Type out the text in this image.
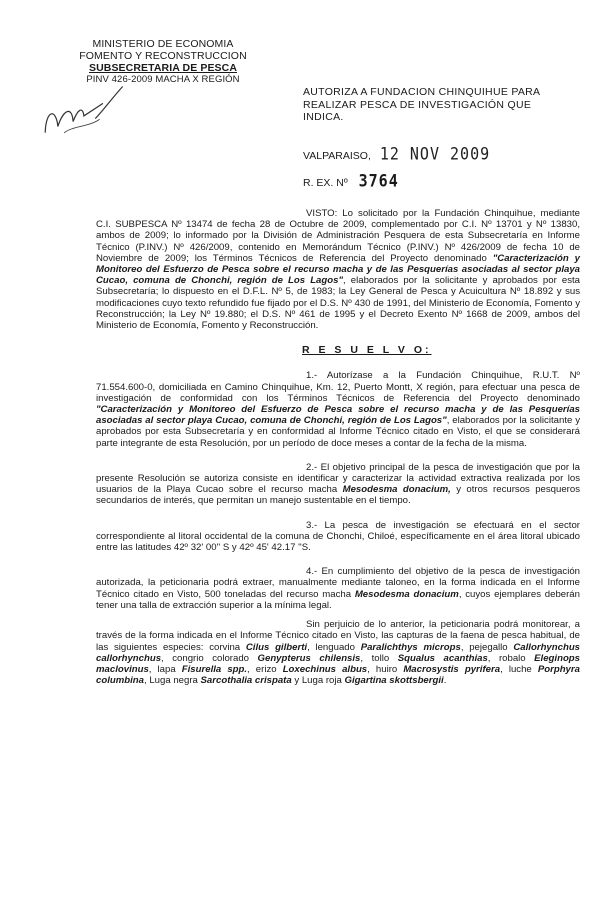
MINISTERIO DE ECONOMIA
FOMENTO Y RECONSTRUCCION
SUBSECRETARIA DE PESCA
PINV 426-2009 MACHA X REGIÓN
AUTORIZA A FUNDACION CHINQUIHUE PARA REALIZAR PESCA DE INVESTIGACIÓN QUE INDICA.
VALPARAISO, 12 NOV 2009
R. EX. Nº 3764

VISTO: Lo solicitado por la Fundación Chinquihue, mediante C.I. SUBPESCA Nº 13474 de fecha 28 de Octubre de 2009, complementado por C.I. Nº 13701 y Nº 13830, ambos de 2009; lo informado por la División de Administración Pesquera de esta Subsecretaría en Informe Técnico (P.INV.) Nº 426/2009, contenido en Memorándum Técnico (P.INV.) Nº 426/2009 de fecha 10 de Noviembre de 2009; los Términos Técnicos de Referencia del Proyecto denominado "Caracterización y Monitoreo del Esfuerzo de Pesca sobre el recurso macha y de las Pesquerías asociadas al sector playa Cucao, comuna de Chonchi, región de Los Lagos", elaborados por la solicitante y aprobados por esta Subsecretaría; lo dispuesto en el D.F.L. Nº 5, de 1983; la Ley General de Pesca y Acuicultura Nº 18.892 y sus modificaciones cuyo texto refundido fue fijado por el D.S. Nº 430 de 1991, del Ministerio de Economía, Fomento y Reconstrucción; la Ley Nº 19.880; el D.S. Nº 461 de 1995 y el Decreto Exento Nº 1668 de 2009, ambos del Ministerio de Economía, Fomento y Reconstrucción.

R E S U E L V O:

1.- Autorízase a la Fundación Chinquihue, R.U.T. Nº 71.554.600-0, domiciliada en Camino Chinquihue, Km. 12, Puerto Montt, X región, para efectuar una pesca de investigación de conformidad con los Términos Técnicos de Referencia del Proyecto denominado "Caracterización y Monitoreo del Esfuerzo de Pesca sobre el recurso macha y de las Pesquerías asociadas al sector playa Cucao, comuna de Chonchi, región de Los Lagos", elaborados por la solicitante y aprobados por esta Subsecretaría y en conformidad al Informe Técnico citado en Visto, el que se considerará parte integrante de esta Resolución, por un período de doce meses a contar de la fecha de la misma.

2.- El objetivo principal de la pesca de investigación que por la presente Resolución se autoriza consiste en identificar y caracterizar la actividad extractiva realizada por los usuarios de la Playa Cucao sobre el recurso macha Mesodesma donacium, y otros recursos pesqueros secundarios de interés, que permitan un manejo sustentable en el tiempo.

3.- La pesca de investigación se efectuará en el sector correspondiente al litoral occidental de la comuna de Chonchi, Chiloé, específicamente en el área litoral ubicado entre las latitudes 42º 32' 00'' S y 42º 45' 42.17 ''S.

4.- En cumplimiento del objetivo de la pesca de investigación autorizada, la peticionaria podrá extraer, manualmente mediante taloneo, en la forma indicada en el Informe Técnico citado en Visto, 500 toneladas del recurso macha Mesodesma donacium, cuyos ejemplares deberán tener una talla de extracción superior a la mínima legal.

Sin perjuicio de lo anterior, la peticionaria podrá monitorear, a través de la forma indicada en el Informe Técnico citado en Visto, las capturas de la faena de pesca habitual, de las siguientes especies: corvina Cilus gilberti, lenguado Paralichthys microps, pejegallo Callorhynchus callorhynchus, congrio colorado Genypterus chilensis, tollo Squalus acanthias, robalo Eleginops maclovinus, lapa Fisurella spp., erizo Loxechinus albus, huiro Macrosystis pyrifera, luche Porphyra columbina, Luga negra Sarcothalia crispata y Luga roja Gigartina skottsbergii.
